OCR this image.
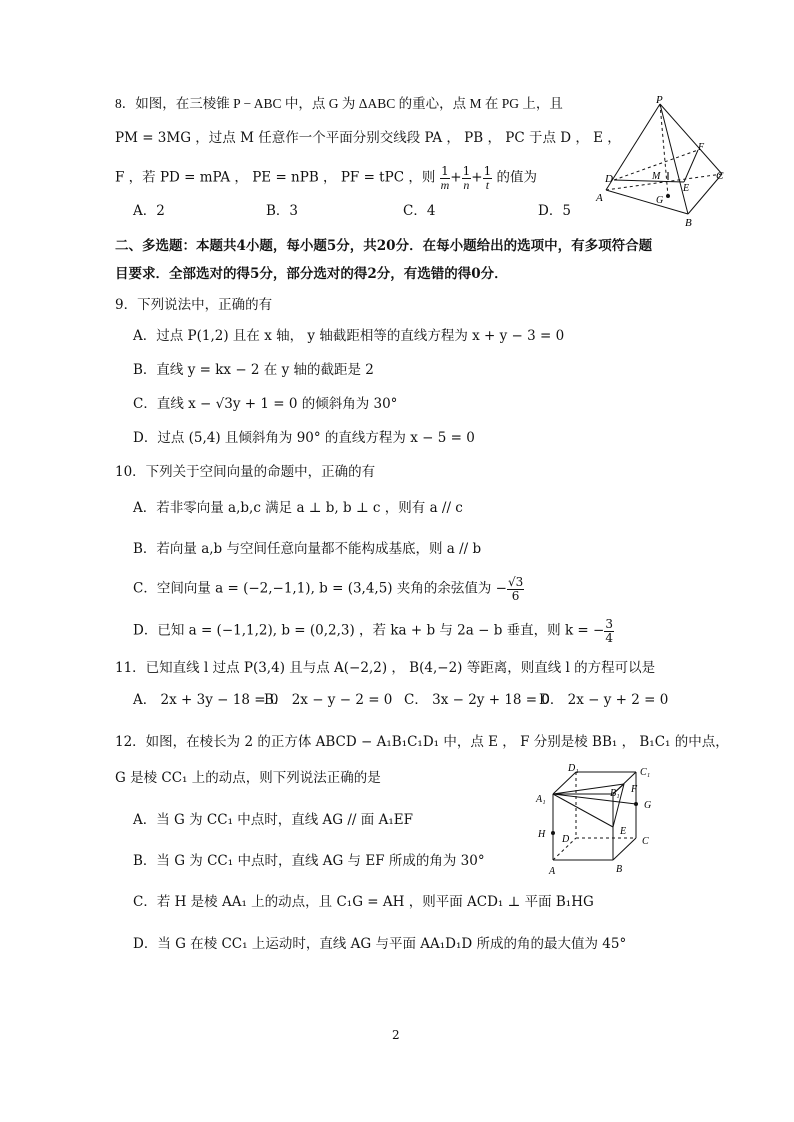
8．如图，在三棱锥 P − ABC 中，点 G 为 ΔABC 的重心，点 M 在 PG 上，且
PM = 3MG ，过点 M 任意作一个平面分别交线段 PA ， PB ， PC 于点 D ， E ，
F ，若 PD = mPA ， PE = nPB ， PF = tPC ，则 $\frac{1}{m} + \frac{1}{n} + \frac{1}{t}$ 的值为
A．2	B．3	C．4	D．5
P
F
D	M
E
C
A	G
B
二、多选题：本题共4小题，每小题5分，共20分．在每小题给出的选项中，有多项符合题
目要求．全部选对的得5分，部分选对的得2分，有选错的得0分．
9．下列说法中，正确的有
A．过点 P(1,2) 且在 x 轴， y 轴截距相等的直线方程为 x + y − 3 = 0
B．直线 y = kx − 2 在 y 轴的截距是 2
C．直线 x − √3y + 1 = 0 的倾斜角为 30°
D．过点 (5,4) 且倾斜角为 90° 的直线方程为 x − 5 = 0
10．下列关于空间向量的命题中，正确的有
A．若非零向量 a,b,c 满足 a ⊥ b, b ⊥ c ，则有 a // c
B．若向量 a,b 与空间任意向量都不能构成基底，则 a // b
C．空间向量 a = (−2,−1,1), b = (3,4,5) 夹角的余弦值为 − $\frac{√3}{6}$
D．已知 a = (−1,1,2), b = (0,2,3) ，若 ka + b 与 2a − b 垂直，则 k = − $\frac{3}{4}$
11．已知直线 l 过点 P(3,4) 且与点 A(−2,2) ， B(4,−2) 等距离，则直线 l 的方程可以是
A． 2x + 3y − 18 = 0
B． 2x − y − 2 = 0 C． 3x − 2y + 18 = 0
D． 2x − y + 2 = 0
12．如图，在棱长为 2 的正方体 ABCD − A₁B₁C₁D₁ 中，点 E ， F 分别是棱 BB₁ ， B₁C₁ 的中点，
G 是棱 CC₁ 上的动点，则下列说法正确的是
A．当 G 为 CC₁ 中点时，直线 AG // 面 A₁EF
B．当 G 为 CC₁ 中点时，直线 AG 与 EF 所成的角为 30°
C．若 H 是棱 AA₁ 上的动点，且 C₁G = AH ，则平面 ACD₁ ⊥ 平面 B₁HG
D．当 G 在棱 CC₁ 上运动时，直线 AG 与平面 AA₁D₁D 所成的角的最大值为 45°
D₁	C₁
A₁
B₁ F
G
H D
E
C
A	B
2
